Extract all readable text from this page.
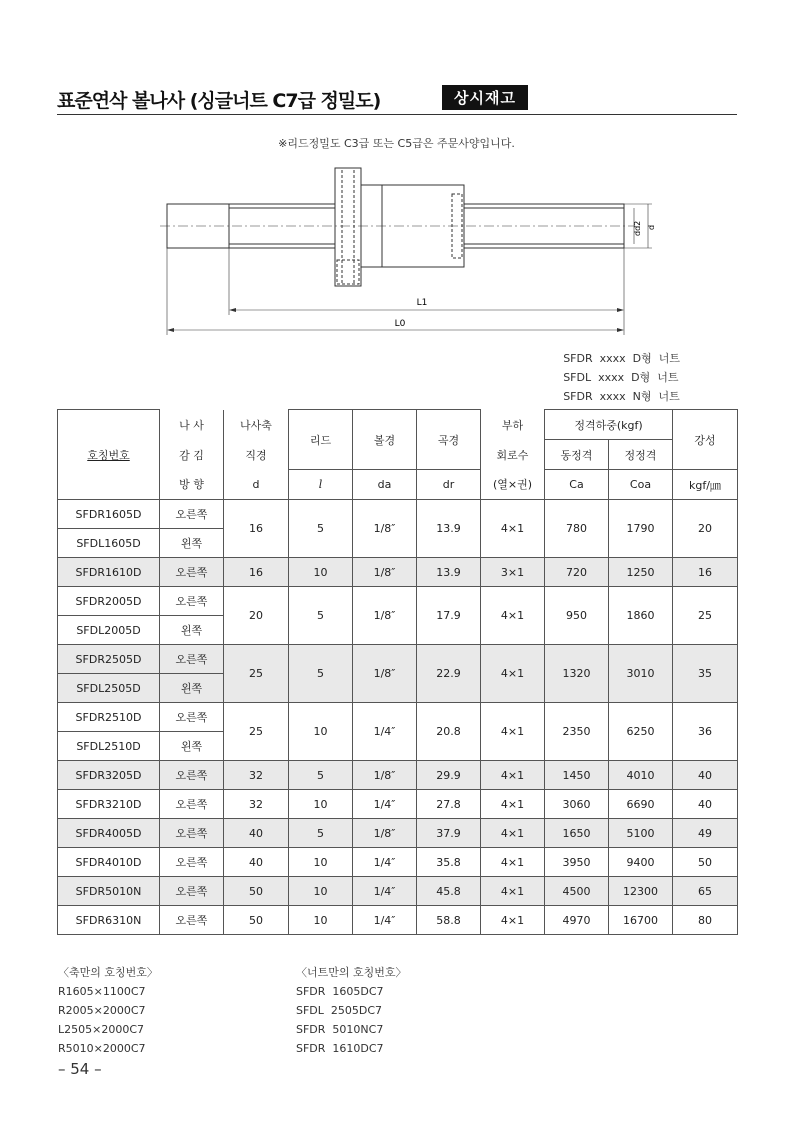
표준연삭 볼나사 (싱글너트 C7급 정밀도)	상시재고
※리드정밀도 C3급 또는 C5급은 주문사양입니다.
L1
L0
dd2 d
SFDR  xxxx  D형  너트
SFDL  xxxx  D형  너트
SFDR  xxxx  N형  너트
호칭번호	나 사	나사축	리드	볼경	곡경	부하	정격하중(kgf)		강성
	감 김	직경				회로수	동정격	정정격	
	방 향	d	l	da	dr	(열×권)	Ca	Coa	kgf/㎛
SFDR1605D	오른쪽	16	5	1/8″	13.9	4×1	780	1790	20
SFDL1605D	왼쪽								
SFDR1610D	오른쪽	16	10	1/8″	13.9	3×1	720	1250	16
SFDR2005D	오른쪽	20	5	1/8″	17.9	4×1	950	1860	25
SFDL2005D	왼쪽								
SFDR2505D	오른쪽	25	5	1/8″	22.9	4×1	1320	3010	35
SFDL2505D	왼쪽								
SFDR2510D	오른쪽	25	10	1/4″	20.8	4×1	2350	6250	36
SFDL2510D	왼쪽								
SFDR3205D	오른쪽	32	5	1/8″	29.9	4×1	1450	4010	40
SFDR3210D	오른쪽	32	10	1/4″	27.8	4×1	3060	6690	40
SFDR4005D	오른쪽	40	5	1/8″	37.9	4×1	1650	5100	49
SFDR4010D	오른쪽	40	10	1/4″	35.8	4×1	3950	9400	50
SFDR5010N	오른쪽	50	10	1/4″	45.8	4×1	4500	12300	65
SFDR6310N	오른쪽	50	10	1/4″	58.8	4×1	4970	16700	80
〈축만의 호칭번호〉
R1605×1100C7
R2005×2000C7
L2505×2000C7
R5010×2000C7
〈너트만의 호칭번호〉
SFDR  1605DC7
SFDL  2505DC7
SFDR  5010NC7
SFDR  1610DC7
– 54 –
